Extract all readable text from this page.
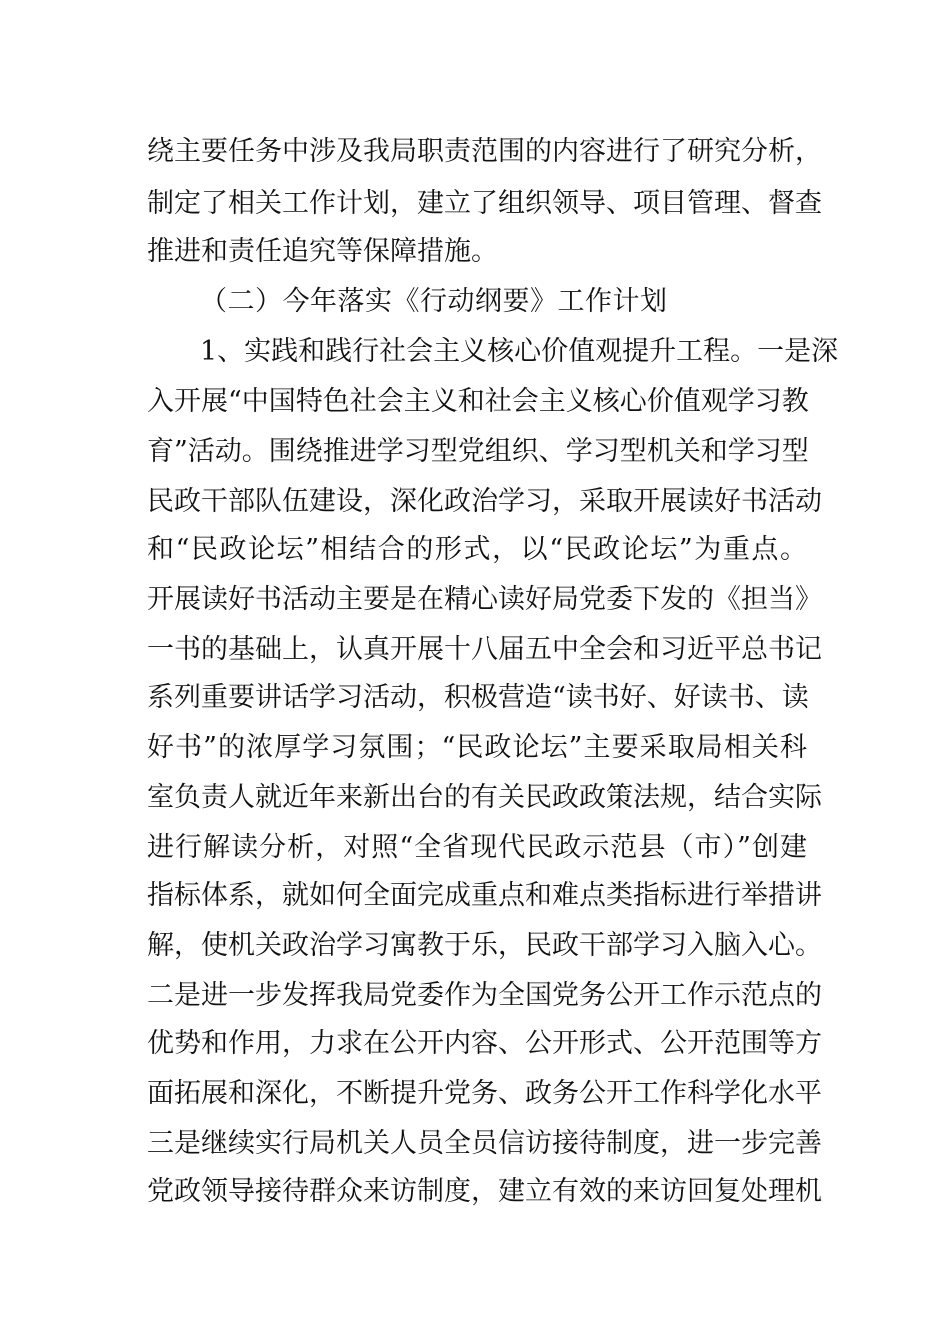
绕主要任务中涉及我局职责范围的内容进行了研究分析，
制定了相关工作计划，建立了组织领导、项目管理、督查
推进和责任追究等保障措施。
（二）今年落实《行动纲要》工作计划
1、实践和践行社会主义核心价值观提升工程。一是深
入开展“中国特色社会主义和社会主义核心价值观学习教
育”活动。围绕推进学习型党组织、学习型机关和学习型
民政干部队伍建设，深化政治学习，采取开展读好书活动
和“民政论坛”相结合的形式，以“民政论坛”为重点。
开展读好书活动主要是在精心读好局党委下发的《担当》
一书的基础上，认真开展十八届五中全会和习近平总书记
系列重要讲话学习活动，积极营造“读书好、好读书、读
好书”的浓厚学习氛围；“民政论坛”主要采取局相关科
室负责人就近年来新出台的有关民政政策法规，结合实际
进行解读分析，对照“全省现代民政示范县（市）”创建
指标体系，就如何全面完成重点和难点类指标进行举措讲
解，使机关政治学习寓教于乐，民政干部学习入脑入心。
二是进一步发挥我局党委作为全国党务公开工作示范点的
优势和作用，力求在公开内容、公开形式、公开范围等方
面拓展和深化，不断提升党务、政务公开工作科学化水平
三是继续实行局机关人员全员信访接待制度，进一步完善
党政领导接待群众来访制度，建立有效的来访回复处理机
